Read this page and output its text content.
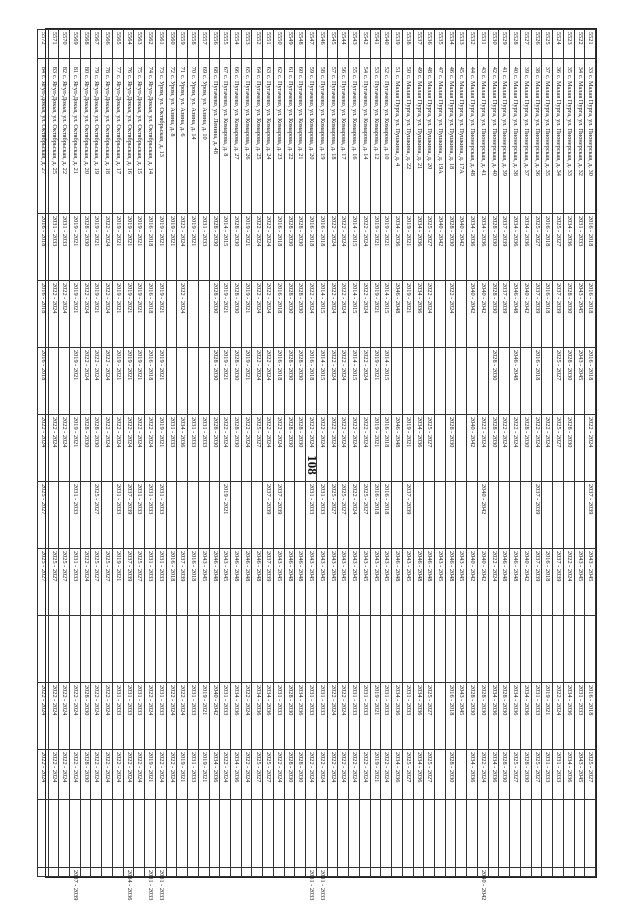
108
5521	33с. Малая Пурга, ул. Пионерская, д. 30	2016 - 2018	2016 - 2018	2016 - 2018	2022 - 2024	2037 - 2039	2043 - 2045		2016 - 2018	2025 - 2027		
5522	34с. Малая Пурга, ул. Пионерская, д. 32	2031 - 2033	2043 - 2045	2043 - 2045			2043 - 2045		2031 - 2033	2043 - 2045		
5523	35с. Малая Пурга, ул. Пионерская, д. 33	2034 - 2036	2028 - 2030	2028 - 2030	2028 - 2030		2022 - 2024		2034 - 2036	2034 - 2036		
5524	36с. Малая Пурга, ул. Пионерская, д. 34	2025 - 2027	2037 - 2039	2025 - 2027	2025 - 2027		2037 - 2039		2022 - 2024	2031 - 2033		
5525	37с. Малая Пурга, ул. Пионерская, д. 35	2016 - 2018	2016 - 2018		2022 - 2024		2016 - 2018		2019 - 2021	2031 - 2033		
5526	38с. Малая Пурга, ул. Пионерская, д. 36	2025 - 2027	2037 - 2039	2016 - 2018	2022 - 2024	2037 - 2039	2037 - 2039		2031 - 2033	2025 - 2027		
5527	39с. Малая Пурга, ул. Пионерская, д. 37	2034 - 2036	2040 - 2042		2028 - 2030		2040 - 2042		2034 - 2036	2028 - 2030		
5528	40с. Малая Пурга, ул. Пионерская, д. 38	2034 - 2036	2046 - 2048	2046 - 2048	2022 - 2024		2046 - 2048		2034 - 2036	2025 - 2027		
5529	41с. Малая Пурга, ул. Пионерская, д. 39	2037 - 2039	2037 - 2039		2022 - 2024		2046 - 2048		2028 - 2030	2028 - 2030		
5530	42с. Малая Пурга, ул. Пионерская, д. 40	2028 - 2030	2028 - 2030	2028 - 2030	2028 - 2030		2022 - 2024		2034 - 2036	2034 - 2036		
5531	43с. Малая Пурга, ул. Пионерская, д. 41	2034 - 2036	2040 - 2042		2022 - 2024	2040 - 2042	2040 - 2042		2028 - 2030	2022 - 2024		2040 - 2042
5532	44с. Малая Пурга, ул. Пионерская, д. 48	2034 - 2036	2040 - 2042		2040 - 2042		2040 - 2042		2028 - 2030	2034 - 2036		
5533	45с. Малая Пурга, ул. Пушкина, д. 17А	2040 - 2042					2043 - 2045		2043 - 2045			
5534	46с. Малая Пурга, ул. Пушкина, д. 18	2028 - 2030	2022 - 2024		2028 - 2030		2046 - 2048		2016 - 2018	2028 - 2030		
5535	47с. Малая Пурга, ул. Пушкина, д. 19А	2040 - 2042					2043 - 2045					
5536	48с. Малая Пурга, ул. Пушкина, д. 20	2025 - 2027	2022 - 2024		2025 - 2027		2046 - 2048		2025 - 2027	2025 - 2027		
5537	49с. Малая Пурга, ул. Пушкина, д. 21	2034 - 2036	2034 - 2036		2034 - 2036		2046 - 2048		2034 - 2036	2034 - 2036		
5538	50с. Малая Пурга, ул. Пушкина, д. 22	2019 - 2021	2019 - 2021		2019 - 2021	2037 - 2039	2043 - 2045		2031 - 2033	2025 - 2027		
5539	51с. Малая Пурга, ул. Пушкина, д. 4	2034 - 2036	2046 - 2048		2046 - 2048		2046 - 2048		2034 - 2036	2034 - 2036		
5540	52с. Пугачево, ул. Комарова, д. 10	2019 - 2021	2014 - 2015	2014 - 2015	2016 - 2018	2016 - 2018	2043 - 2045		2031 - 2033	2022 - 2024		
5541	53с. Пугачево, ул. Комарова, д. 12	2019 - 2021	2019 - 2021	2019 - 2021	2019 - 2021	2016 - 2018	2043 - 2045		2019 - 2021	2019 - 2021		
5542	54с. Пугачево, ул. Комарова, д. 14	2022 - 2024	2022 - 2024	2022 - 2024	2022 - 2024	2025 - 2027	2043 - 2045		2031 - 2033	2022 - 2024		
5543	55с. Пугачево, ул. Комарова, д. 16	2014 - 2015	2014 - 2015	2014 - 2015	2022 - 2024	2022 - 2024	2043 - 2045		2031 - 2033	2022 - 2024		
5544	56с. Пугачево, ул. Комарова, д. 17	2022 - 2024	2022 - 2024	2022 - 2024	2022 - 2024	2025 - 2027	2043 - 2045		2022 - 2024	2022 - 2024		
5545	57с. Пугачево, ул. Комарова, д. 18	2022 - 2024	2022 - 2024	2022 - 2024	2022 - 2024	2025 - 2027	2043 - 2045		2022 - 2024	2022 - 2024		
5546	58с. Пугачево, ул. Комарова, д. 19	2016 - 2018	2014 - 2015	2014 - 2015	2022 - 2024	2031 - 2033	2043 - 2045		2031 - 2033	2022 - 2024		2031 - 2033
5547	59с. Пугачево, ул. Комарова, д. 20	2016 - 2018	2022 - 2024	2016 - 2018	2022 - 2024	2031 - 2033	2043 - 2045		2031 - 2033	2022 - 2024		2031 - 2033
5548	60с. Пугачево, ул. Комарова, д. 21	2028 - 2030	2028 - 2030	2028 - 2030	2028 - 2030		2046 - 2048		2034 - 2036	2028 - 2030		
5549	61с. Пугачево, ул. Комарова, д. 22	2028 - 2030	2028 - 2030	2028 - 2030	2028 - 2030		2046 - 2048		2028 - 2030	2028 - 2030		
5550	62с. Пугачево, ул. Комарова, д. 23	2016 - 2018	2016 - 2018	2016 - 2018	2022 - 2024	2037 - 2039	2043 - 2045		2031 - 2033	2022 - 2024		
5551	63с. Пугачево, ул. Комарова, д. 24	2022 - 2024	2022 - 2024	2022 - 2024	2022 - 2024	2037 - 2039	2037 - 2039		2034 - 2036	2025 - 2027		
5552	64с. Пугачево, ул. Комарова, д. 25	2022 - 2024	2022 - 2024	2022 - 2024	2025 - 2027		2046 - 2048		2034 - 2036	2025 - 2027		
5553	65с. Пугачево, ул. Комарова, д. 26	2019 - 2021	2019 - 2021	2019 - 2021	2022 - 2024		2046 - 2048		2022 - 2024	2022 - 2024		
5554	66с. Пугачево, ул. Комарова, д. 27	2028 - 2030	2028 - 2030	2028 - 2030	2028 - 2030		2046 - 2048		2034 - 2036	2034 - 2036		
5555	67с. Пугачево, ул. Комарова, д. 8	2014 - 2015	2019 - 2021	2019 - 2021	2022 - 2024	2019 - 2021	2043 - 2045		2031 - 2033	2022 - 2024		
5556	68с. Пугачево, ул. Ленина, д. 48	2028 - 2030	2028 - 2030	2028 - 2030	2028 - 2030		2046 - 2048		2040 - 2042	2034 - 2036		
5557	69с. Уром, ул. Азина, д. 10	2031 - 2033			2031 - 2033		2043 - 2045		2019 - 2021	2019 - 2021		
5558	70с. Уром, ул. Азина, д. 14	2019 - 2021			2031 - 2033		2016 - 2018		2031 - 2033	2031 - 2033		
5559	71с. Уром, ул. Азина, д. 6	2022 - 2024	2022 - 2024		2034 - 2036		2037 - 2039		2022 - 2024	2019 - 2021		
5560	72с. Уром, ул. Азина, д. 8	2019 - 2021			2031 - 2033		2016 - 2018		2022 - 2024	2022 - 2024		
5561	73с. Уром, ул. Октябрьская, д. 13	2019 - 2021	2019 - 2021	2019 - 2021	2019 - 2021	2031 - 2033	2031 - 2033		2031 - 2033	2022 - 2024		2031 - 2033
5562	74с. Ягул-Докья, ул. Октябрьская, д. 14	2016 - 2018	2016 - 2018	2016 - 2018	2022 - 2024	2031 - 2033	2031 - 2033		2022 - 2024	2019 - 2021		2031 - 2033
5563	75с. Ягул-Докья, ул. Октябрьская, д. 15	2019 - 2021	2019 - 2021	2019 - 2021	2022 - 2024	2031 - 2033	2025 - 2027		2031 - 2033	2022 - 2024		
5564	76с. Ягул-Докья, ул. Октябрьская, д. 16	2019 - 2021	2019 - 2021	2019 - 2021	2022 - 2024	2037 - 2039	2037 - 2039		2031 - 2033	2022 - 2024		2034 - 2036
5565	77с. Ягул-Докья, ул. Октябрьская, д. 17	2019 - 2021	2019 - 2021	2019 - 2021	2022 - 2024	2031 - 2033	2019 - 2021		2031 - 2033	2022 - 2024		
5566	78с. Ягул-Докья, ул. Октябрьская, д. 18	2022 - 2024	2022 - 2024	2022 - 2024	2022 - 2024		2025 - 2027		2022 - 2024	2022 - 2024		
5567	79с. Ягул-Докья, ул. Октябрьская, д. 19	2019 - 2021	2019 - 2021	2022 - 2024	2028 - 2030	2025 - 2027	2025 - 2027		2022 - 2024	2022 - 2024		
5568	80с. Ягул-Докья, ул. Октябрьская, д. 20	2028 - 2030	2022 - 2024	2022 - 2024	2028 - 2030		2022 - 2024		2028 - 2030	2028 - 2030		
5569	81с. Ягул-Докья, ул. Октябрьская, д. 21	2019 - 2021	2019 - 2021	2019 - 2021	2019 - 2021	2031 - 2033	2031 - 2033		2022 - 2024	2022 - 2024		2037 - 2039
5570	82с. Ягул-Докья, ул. Октябрьская, д. 22	2031 - 2033	2022 - 2024		2022 - 2024		2025 - 2027		2022 - 2024	2022 - 2024		
5571	83с. Ягул-Докья, ул. Октябрьская, д. 25	2031 - 2033	2022 - 2024		2022 - 2024		2025 - 2027		2022 - 2024	2022 - 2024		
5572	84с. Ягул-Докья, ул. Октябрьская, д. 27	2016 - 2018	2016 - 2018	2016 - 2018	2022 - 2024	2025 - 2027	2025 - 2027		2022 - 2024	2022 - 2024		
